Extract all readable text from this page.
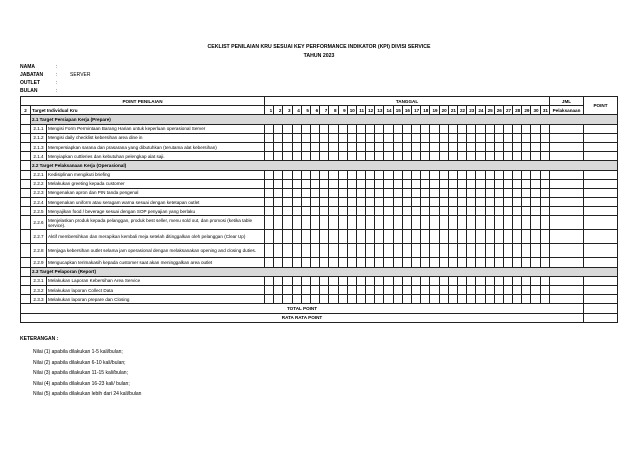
CEKLIST PENILAIAN KRU SESUAI KEY PERFORMANCE INDIKATOR (KPI) DIVISI SERVICE
TAHUN 2023
NAMA	:
JABATAN	:	SERVER
OUTLET	:
BULAN	:
POINT PENILAIAN			TANGGAL																															JML	POINT
2	Target Individual Kru		1	2	3	4	5	6	7	8	9	10	11	12	13	14	15	16	17	18	19	20	21	22	23	24	25	26	27	28	29	30	31	Pelaksanaan	
	2.1 Target Persiapan Kerja (Prepare)																																		
	2.1.1	Mengisi Form Permintaan Barang Harian untuk keperluan operasional Server																																	
	2.1.2	Mengisi daily checklist kebersihan area dine in																																	
	2.1.3	Mempersiapkan sarana dan prasarana yang dibutuhkan (terutama alat kebersihan)																																	
	2.1.4	Menyiapkan cuttleries dan kebutuhan pelengkap alat saji.																																	
	2.2 Target Pelaksanaan Kerja (Operasional)																																		
	2.2.1	Kedisiplinan mengikuti briefing																																	
	2.2.2	Melakukan greeting kepada customer																																	
	2.2.3	Mengenakan apron dan PIN tanda pengenal																																	
	2.2.4	Mengenakan uniform atau seragam warna sesuai dengan ketetapan outlet																																	
	2.2.5	Menyajikan food / beverage sesuai dengan SOP penyajian yang berlaku																																	
	2.2.6	Menjelaskan produk kepada pelanggan, produk best seller, menu sold out, dan promosi (ketika table service).																																	
	2.2.7	Aktif membersihkan dan merapikan kembali meja setelah ditinggalkan oleh pelanggan (Clear Up)																																	
	2.2.8	Menjaga kebersihan outlet selama jam operasional dengan melaksanakan opening and closing duties.																																	
	2.2.9	Mengucapkan terimakasih kepada customer saat akan meninggalkan area outlet																																	
	2.3 Target Pelaporan (Report)																																		
	2.3.1	Melakukan Laporan Kebersihan Area Service																																	
	2.3.2	Melakukan laporan Collect Data																																	
	2.3.3	Melakukan laporan prepare dan Closing																																	
TOTAL POINT																																			
RATA RATA POINT																																			
KETERANGAN :
Nilai (1) apabila dilakukan 1-5 kali/bulan;
Nilai (2) apabila dilakukan 6-10 kali/bulan;
Nilai (3) apabila dilakukan 11-15 kali/bulan;
Nilai (4) apabila dilakukan 16-23 kali/ bulan;
Nilai (5) apabila dilakukan lebih dari 24 kali/bulan
